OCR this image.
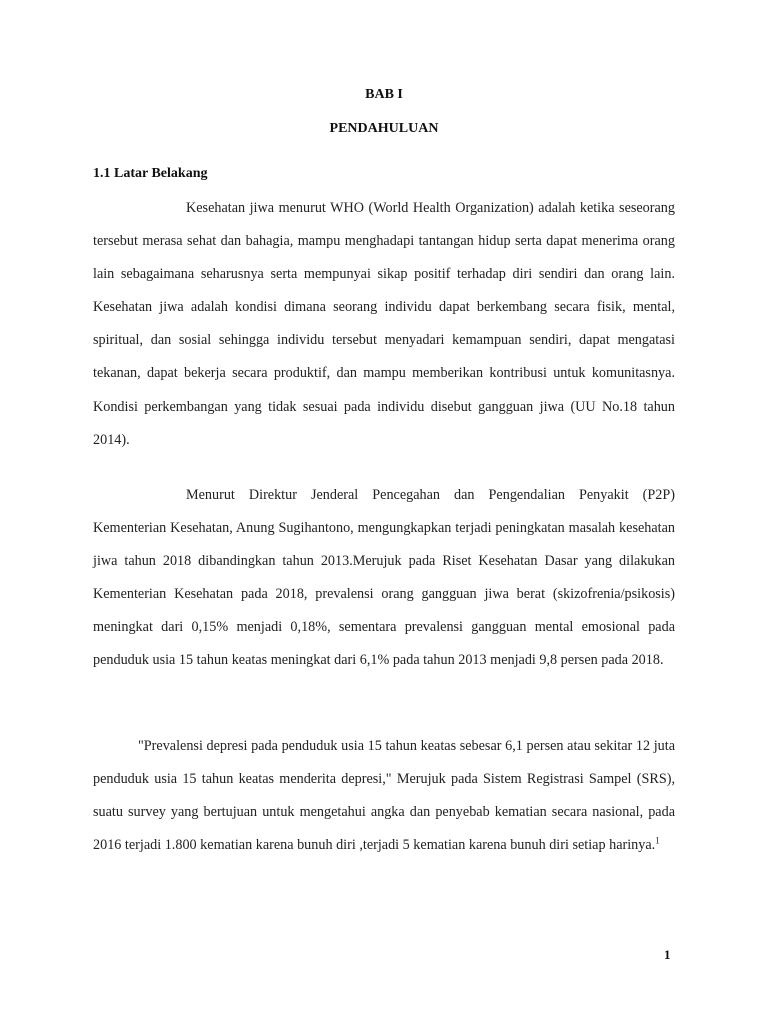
BAB I
PENDAHULUAN
1.1 Latar Belakang

Kesehatan jiwa menurut WHO (World Health Organization) adalah ketika seseorang tersebut merasa sehat dan bahagia, mampu menghadapi tantangan hidup serta dapat menerima orang lain sebagaimana seharusnya serta mempunyai sikap positif terhadap diri sendiri dan orang lain. Kesehatan jiwa adalah kondisi dimana seorang individu dapat berkembang secara fisik, mental, spiritual, dan sosial sehingga individu tersebut menyadari kemampuan sendiri, dapat mengatasi tekanan, dapat bekerja secara produktif, dan mampu memberikan kontribusi untuk komunitasnya. Kondisi perkembangan yang tidak sesuai pada individu disebut gangguan jiwa (UU No.18 tahun 2014).

Menurut Direktur Jenderal Pencegahan dan Pengendalian Penyakit (P2P) Kementerian Kesehatan, Anung Sugihantono, mengungkapkan terjadi peningkatan masalah kesehatan jiwa tahun 2018 dibandingkan tahun 2013.Merujuk pada Riset Kesehatan Dasar yang dilakukan Kementerian Kesehatan pada 2018, prevalensi orang gangguan jiwa berat (skizofrenia/psikosis) meningkat dari 0,15% menjadi 0,18%, sementara prevalensi gangguan mental emosional pada penduduk usia 15 tahun keatas meningkat dari 6,1% pada tahun 2013 menjadi 9,8 persen pada 2018.

"Prevalensi depresi pada penduduk usia 15 tahun keatas sebesar 6,1 persen atau sekitar 12 juta penduduk usia 15 tahun keatas menderita depresi," Merujuk pada Sistem Registrasi Sampel (SRS), suatu survey yang bertujuan untuk mengetahui angka dan penyebab kematian secara nasional, pada 2016 terjadi 1.800 kematian karena bunuh diri ,terjadi 5 kematian karena bunuh diri setiap harinya.$^1$

1
